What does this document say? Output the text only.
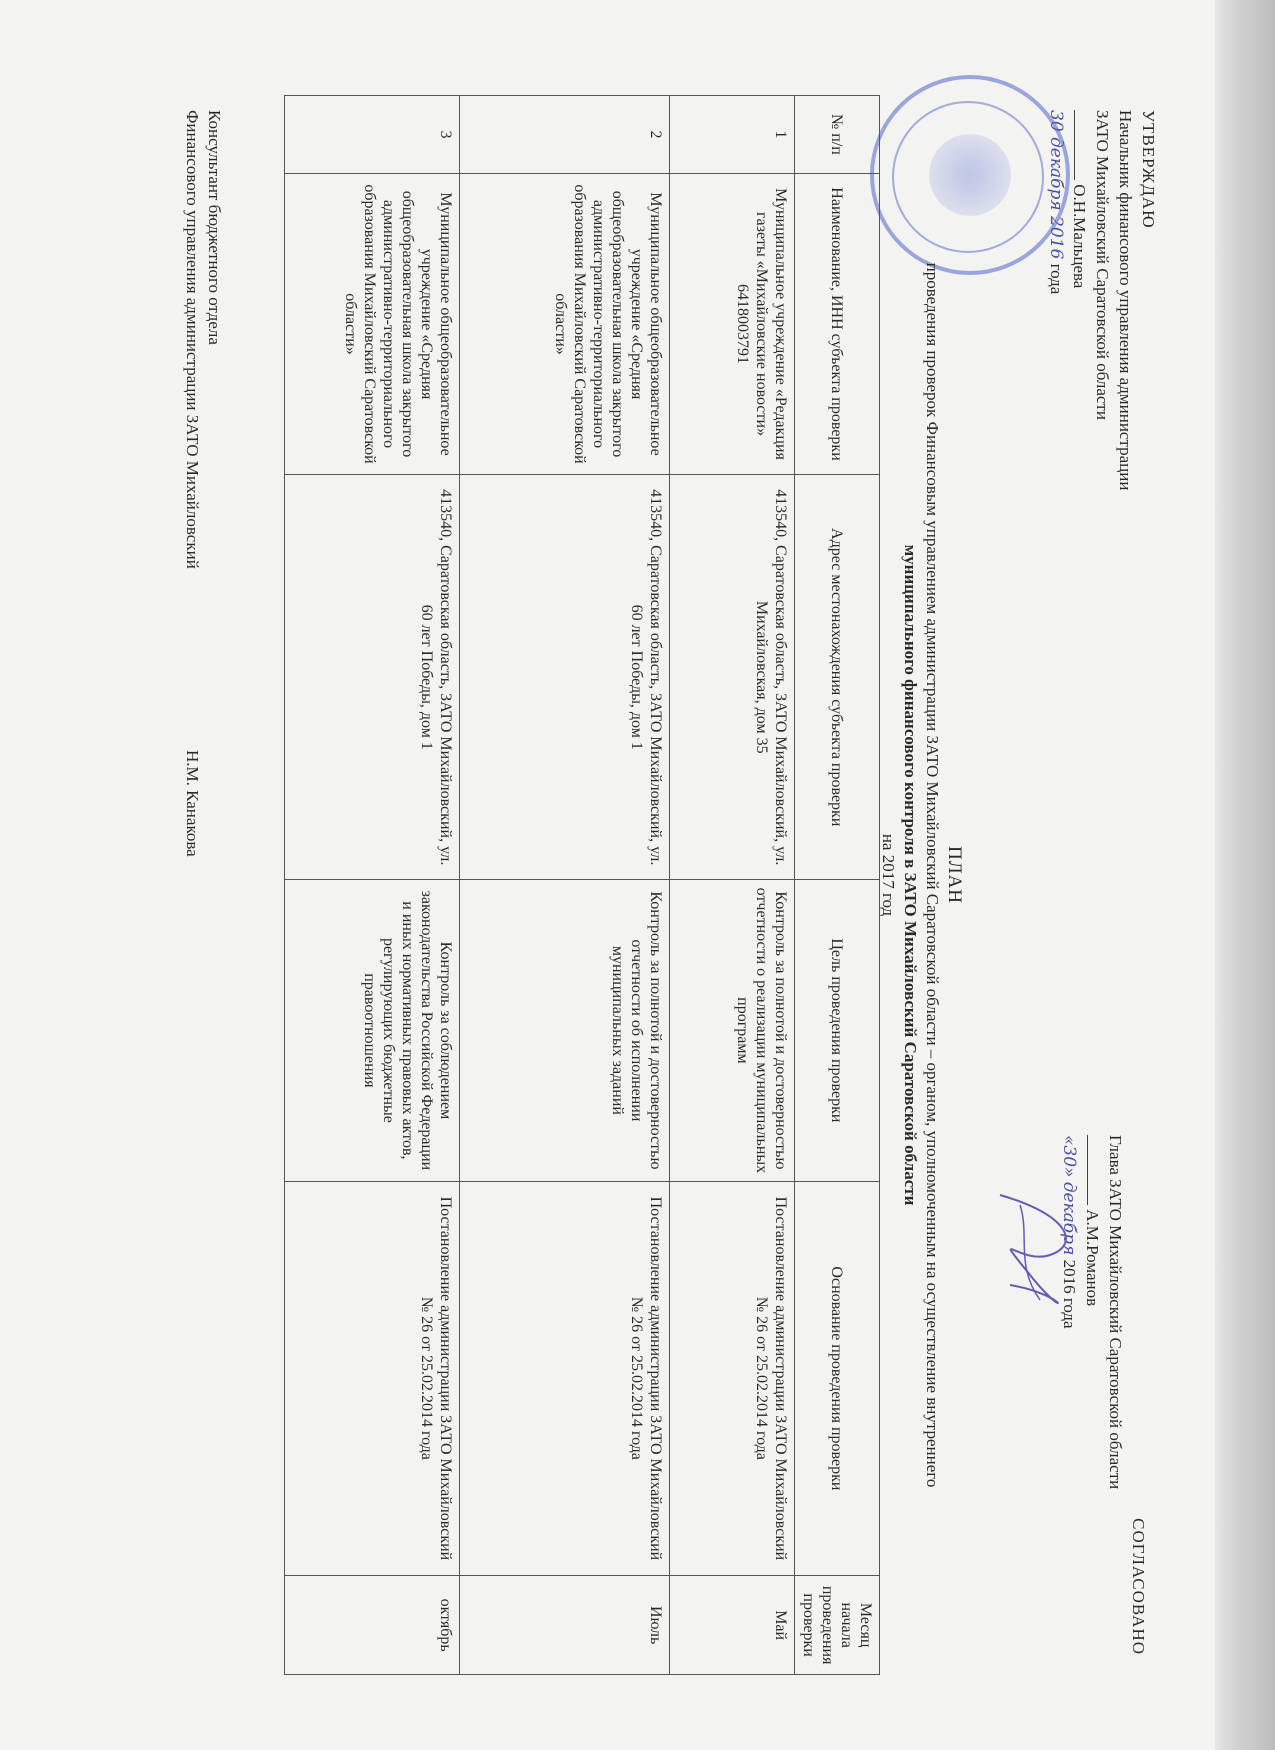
УТВЕРЖДАЮ
Начальник финансового управления администрации
ЗАТО Михайловский Саратовской области
О.Н.Мальцева
30 декабря 2016 года
СОГЛАСОВАНО
Глава ЗАТО Михайловский Саратовской области
А.М.Романов
«30» декабря 2016 года
ПЛАН
проведения проверок Финансовым управлением администрации ЗАТО Михайловский Саратовской области – органом, уполномоченным на осуществление внутреннего
муниципального финансового контроля в ЗАТО Михайловский Саратовской области
на 2017 год
№ п/п	Наименование, ИНН субъекта проверки	Адрес местонахождения субъекта проверки	Цель проведения проверки	Основание проведения проверки	Месяц начала проведения проверки
1	Муниципальное учреждение «Редакция газеты «Михайловские новости» 6418003791	413540, Саратовская область, ЗАТО Михайловский, ул. Михайловская, дом 35	Контроль за полнотой и достоверностью отчетности о реализации муниципальных программ	Постановление администрации ЗАТО Михайловский № 26 от 25.02.2014 года	Май
2	Муниципальное общеобразовательное учреждение «Средняя общеобразовательная школа закрытого административно-территориального образования Михайловский Саратовской области»	413540, Саратовская область, ЗАТО Михайловский, ул. 60 лет Победы, дом 1	Контроль за полнотой и достоверностью отчетности об исполнении муниципальных заданий	Постановление администрации ЗАТО Михайловский № 26 от 25.02.2014 года	Июль
3	Муниципальное общеобразовательное учреждение «Средняя общеобразовательная школа закрытого административно-территориального образования Михайловский Саратовской области»	413540, Саратовская область, ЗАТО Михайловский, ул. 60 лет Победы, дом 1	Контроль за соблюдением законодательства Российской Федерации и иных нормативных правовых актов, регулирующих бюджетные правоотношения	Постановление администрации ЗАТО Михайловский № 26 от 25.02.2014 года	октябрь
Консультант бюджетного отдела
Финансового управления администрации ЗАТО Михайловский
Н.М. Канакова
